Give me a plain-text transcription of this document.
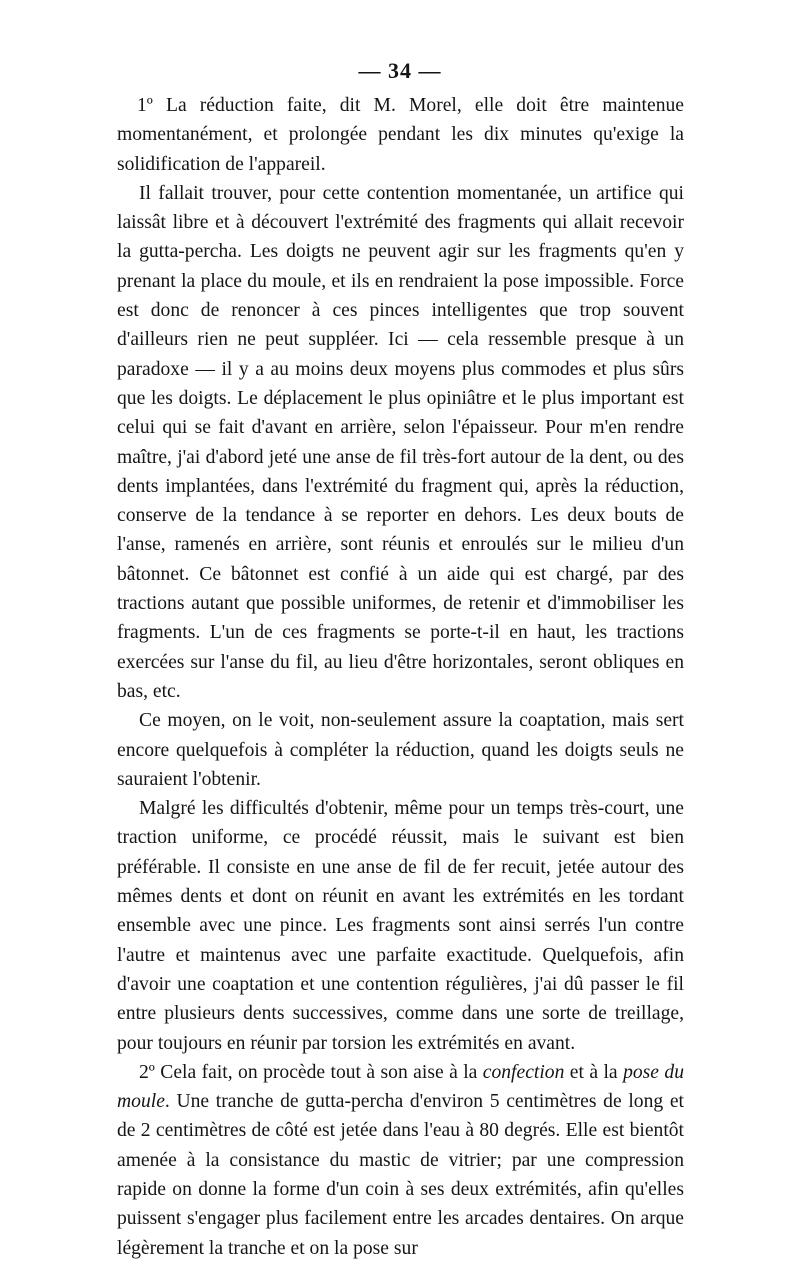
— 34 —

1º La réduction faite, dit M. Morel, elle doit être maintenue momentanément, et prolongée pendant les dix minutes qu'exige la solidification de l'appareil.

Il fallait trouver, pour cette contention momentanée, un artifice qui laissât libre et à découvert l'extrémité des fragments qui allait recevoir la gutta-percha. Les doigts ne peuvent agir sur les fragments qu'en y prenant la place du moule, et ils en rendraient la pose impossible. Force est donc de renoncer à ces pinces intelligentes que trop souvent d'ailleurs rien ne peut suppléer. Ici — cela ressemble presque à un paradoxe — il y a au moins deux moyens plus commodes et plus sûrs que les doigts. Le déplacement le plus opiniâtre et le plus important est celui qui se fait d'avant en arrière, selon l'épaisseur. Pour m'en rendre maître, j'ai d'abord jeté une anse de fil très-fort autour de la dent, ou des dents implantées, dans l'extrémité du fragment qui, après la réduction, conserve de la tendance à se reporter en dehors. Les deux bouts de l'anse, ramenés en arrière, sont réunis et enroulés sur le milieu d'un bâtonnet. Ce bâtonnet est confié à un aide qui est chargé, par des tractions autant que possible uniformes, de retenir et d'immobiliser les fragments. L'un de ces fragments se porte-t-il en haut, les tractions exercées sur l'anse du fil, au lieu d'être horizontales, seront obliques en bas, etc.

Ce moyen, on le voit, non-seulement assure la coaptation, mais sert encore quelquefois à compléter la réduction, quand les doigts seuls ne sauraient l'obtenir.

Malgré les difficultés d'obtenir, même pour un temps très-court, une traction uniforme, ce procédé réussit, mais le suivant est bien préférable. Il consiste en une anse de fil de fer recuit, jetée autour des mêmes dents et dont on réunit en avant les extrémités en les tordant ensemble avec une pince. Les fragments sont ainsi serrés l'un contre l'autre et maintenus avec une parfaite exactitude. Quelquefois, afin d'avoir une coaptation et une contention régulières, j'ai dû passer le fil entre plusieurs dents successives, comme dans une sorte de treillage, pour toujours en réunir par torsion les extrémités en avant.

2º Cela fait, on procède tout à son aise à la confection et à la pose du moule. Une tranche de gutta-percha d'environ 5 centimètres de long et de 2 centimètres de côté est jetée dans l'eau à 80 degrés. Elle est bientôt amenée à la consistance du mastic de vitrier; par une compression rapide on donne la forme d'un coin à ses deux extrémités, afin qu'elles puissent s'engager plus facilement entre les arcades dentaires. On arque légèrement la tranche et on la pose sur
